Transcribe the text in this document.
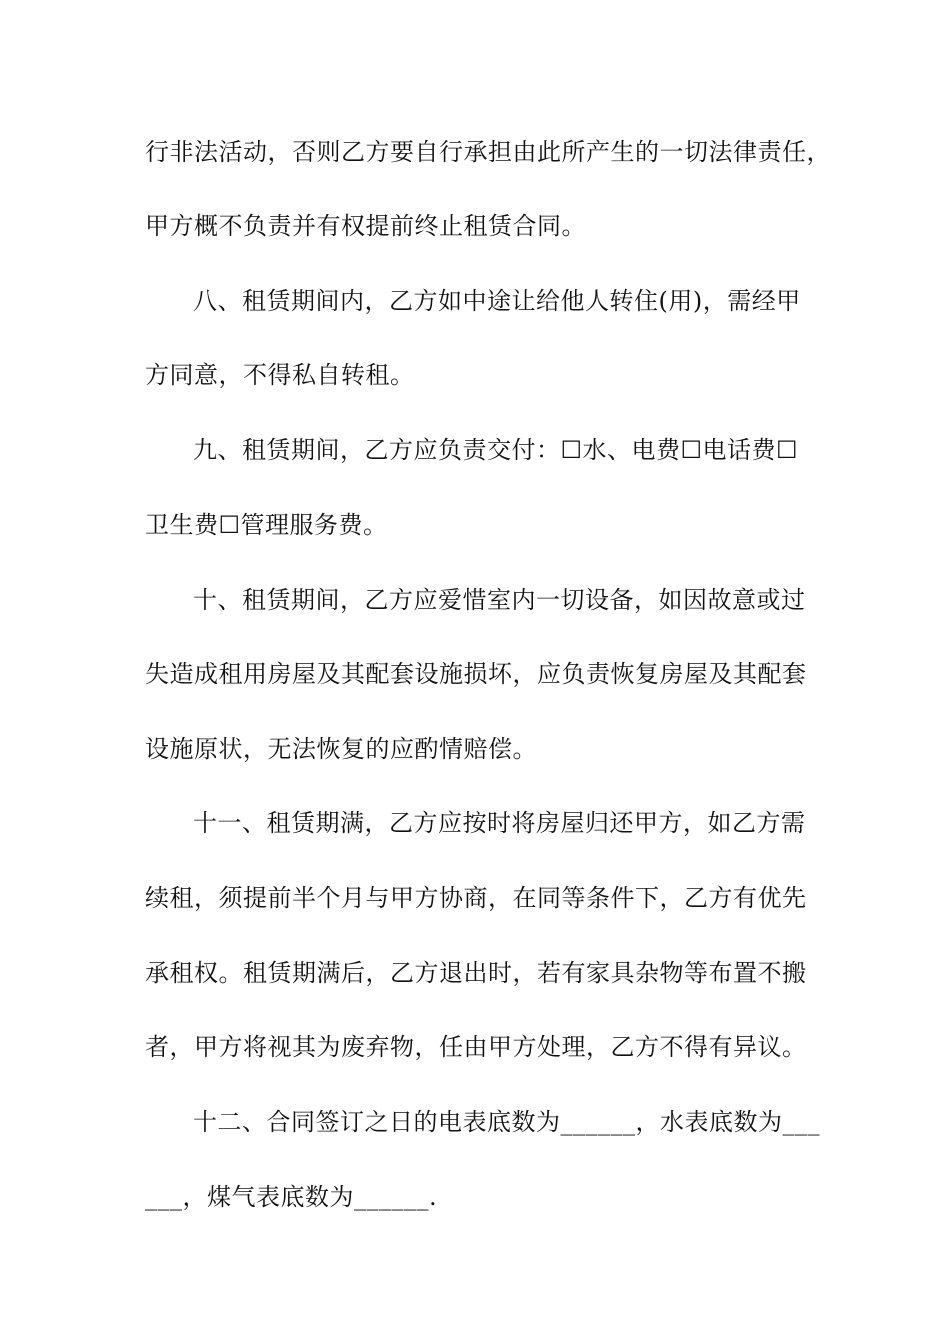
行非法活动，否则乙方要自行承担由此所产生的一切法律责任，
甲方概不负责并有权提前终止租赁合同。
八、租赁期间内，乙方如中途让给他人转住(用)，需经甲
方同意，不得私自转租。
九、租赁期间，乙方应负责交付：☐水、电费☐电话费☐
卫生费☐管理服务费。
十、租赁期间，乙方应爱惜室内一切设备，如因故意或过
失造成租用房屋及其配套设施损坏，应负责恢复房屋及其配套
设施原状，无法恢复的应酌情赔偿。
十一、租赁期满，乙方应按时将房屋归还甲方，如乙方需
续租，须提前半个月与甲方协商，在同等条件下，乙方有优先
承租权。租赁期满后，乙方退出时，若有家具杂物等布置不搬
者，甲方将视其为废弃物，任由甲方处理，乙方不得有异议。
十二、合同签订之日的电表底数为______，水表底数为___
___，煤气表底数为______.
